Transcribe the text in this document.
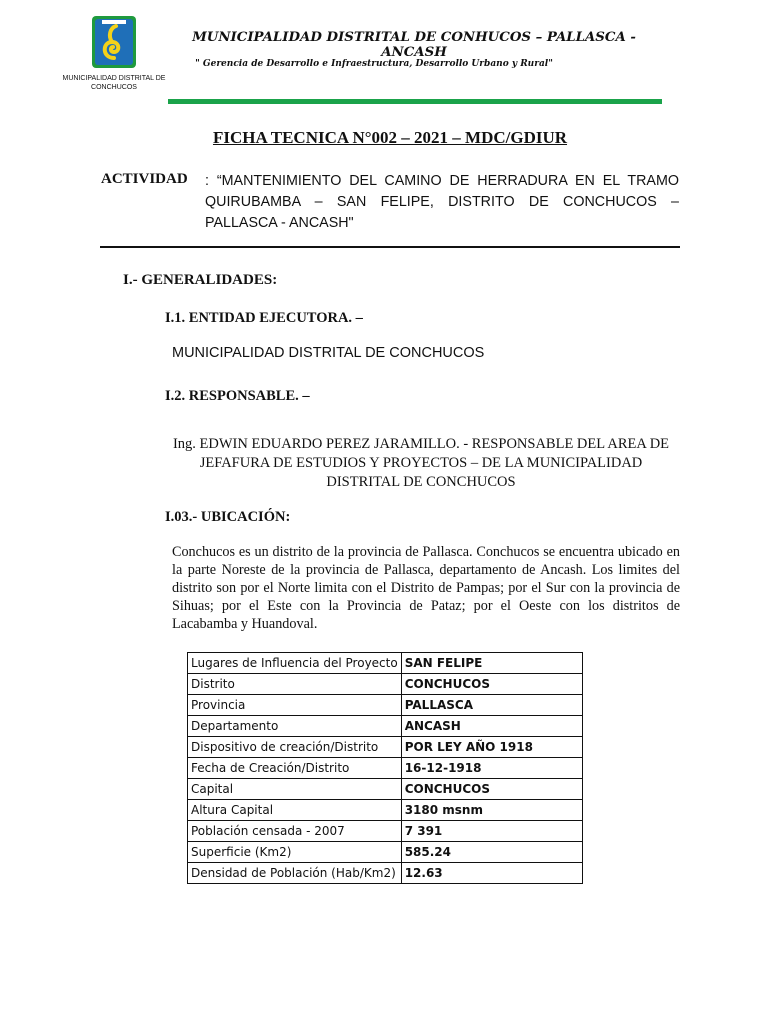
MUNICIPALIDAD DISTRITAL DE CONCHUCOS
MUNICIPALIDAD DISTRITAL DE CONHUCOS – PALLASCA - ANCASH
" Gerencia de Desarrollo e Infraestructura, Desarrollo Urbano y Rural"
FICHA TECNICA N°002 – 2021 – MDC/GDIUR
ACTIVIDAD : “MANTENIMIENTO DEL CAMINO DE HERRADURA EN EL TRAMO QUIRUBAMBA – SAN FELIPE, DISTRITO DE CONCHUCOS – PALLASCA - ANCASH"
I.- GENERALIDADES:
I.1. ENTIDAD EJECUTORA. –
MUNICIPALIDAD DISTRITAL DE CONCHUCOS
I.2. RESPONSABLE. –
Ing. EDWIN EDUARDO PEREZ JARAMILLO. - RESPONSABLE DEL AREA DE JEFAFURA DE ESTUDIOS Y PROYECTOS – DE LA MUNICIPALIDAD DISTRITAL DE CONCHUCOS
I.03.- UBICACIÓN:
Conchucos es un distrito de la provincia de Pallasca. Conchucos se encuentra ubicado en la parte Noreste de la provincia de Pallasca, departamento de Ancash. Los limites del distrito son por el Norte limita con el Distrito de Pampas; por el Sur con la provincia de Sihuas; por el Este con la Provincia de Pataz; por el Oeste con los distritos de Lacabamba y Huandoval.
Lugares de Influencia del Proyecto	SAN FELIPE
Distrito	CONCHUCOS
Provincia	PALLASCA
Departamento	ANCASH
Dispositivo de creación/Distrito	POR LEY AÑO 1918
Fecha de Creación/Distrito	16-12-1918
Capital	CONCHUCOS
Altura Capital	3180 msnm
Población censada - 2007	7 391
Superficie (Km2)	585.24
Densidad de Población (Hab/Km2)	12.63
